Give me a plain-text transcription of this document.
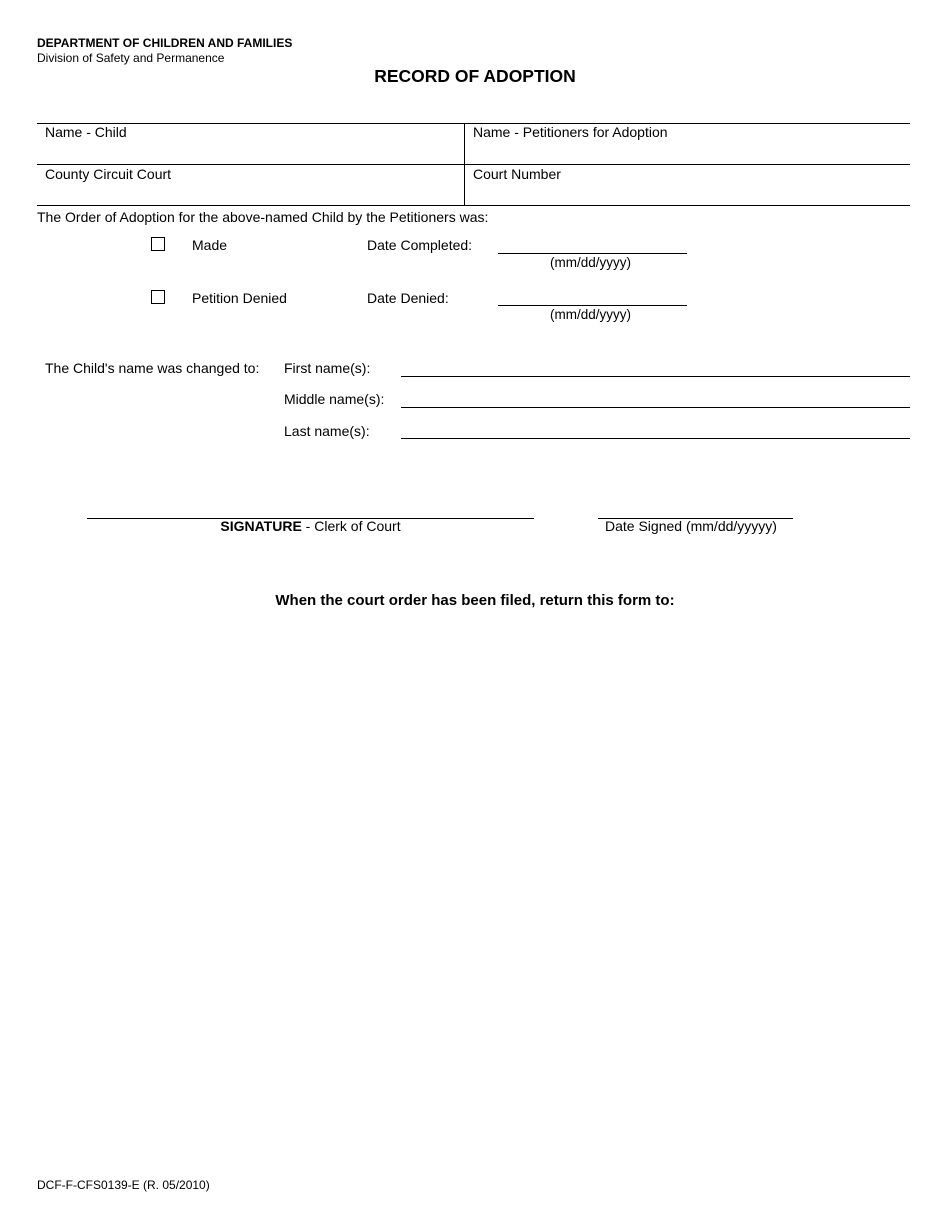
DEPARTMENT OF CHILDREN AND FAMILIES
Division of Safety and Permanence
RECORD OF ADOPTION
Name - Child	Name - Petitioners for Adoption
County Circuit Court	Court Number
The Order of Adoption for the above-named Child by the Petitioners was:
Made	Date Completed:
(mm/dd/yyyy)
Petition Denied	Date Denied:
(mm/dd/yyyy)
The Child's name was changed to: First name(s):
Middle name(s):
Last name(s):
SIGNATURE - Clerk of Court	Date Signed (mm/dd/yyyyy)
When the court order has been filed, return this form to:
DCF-F-CFS0139-E (R. 05/2010)
